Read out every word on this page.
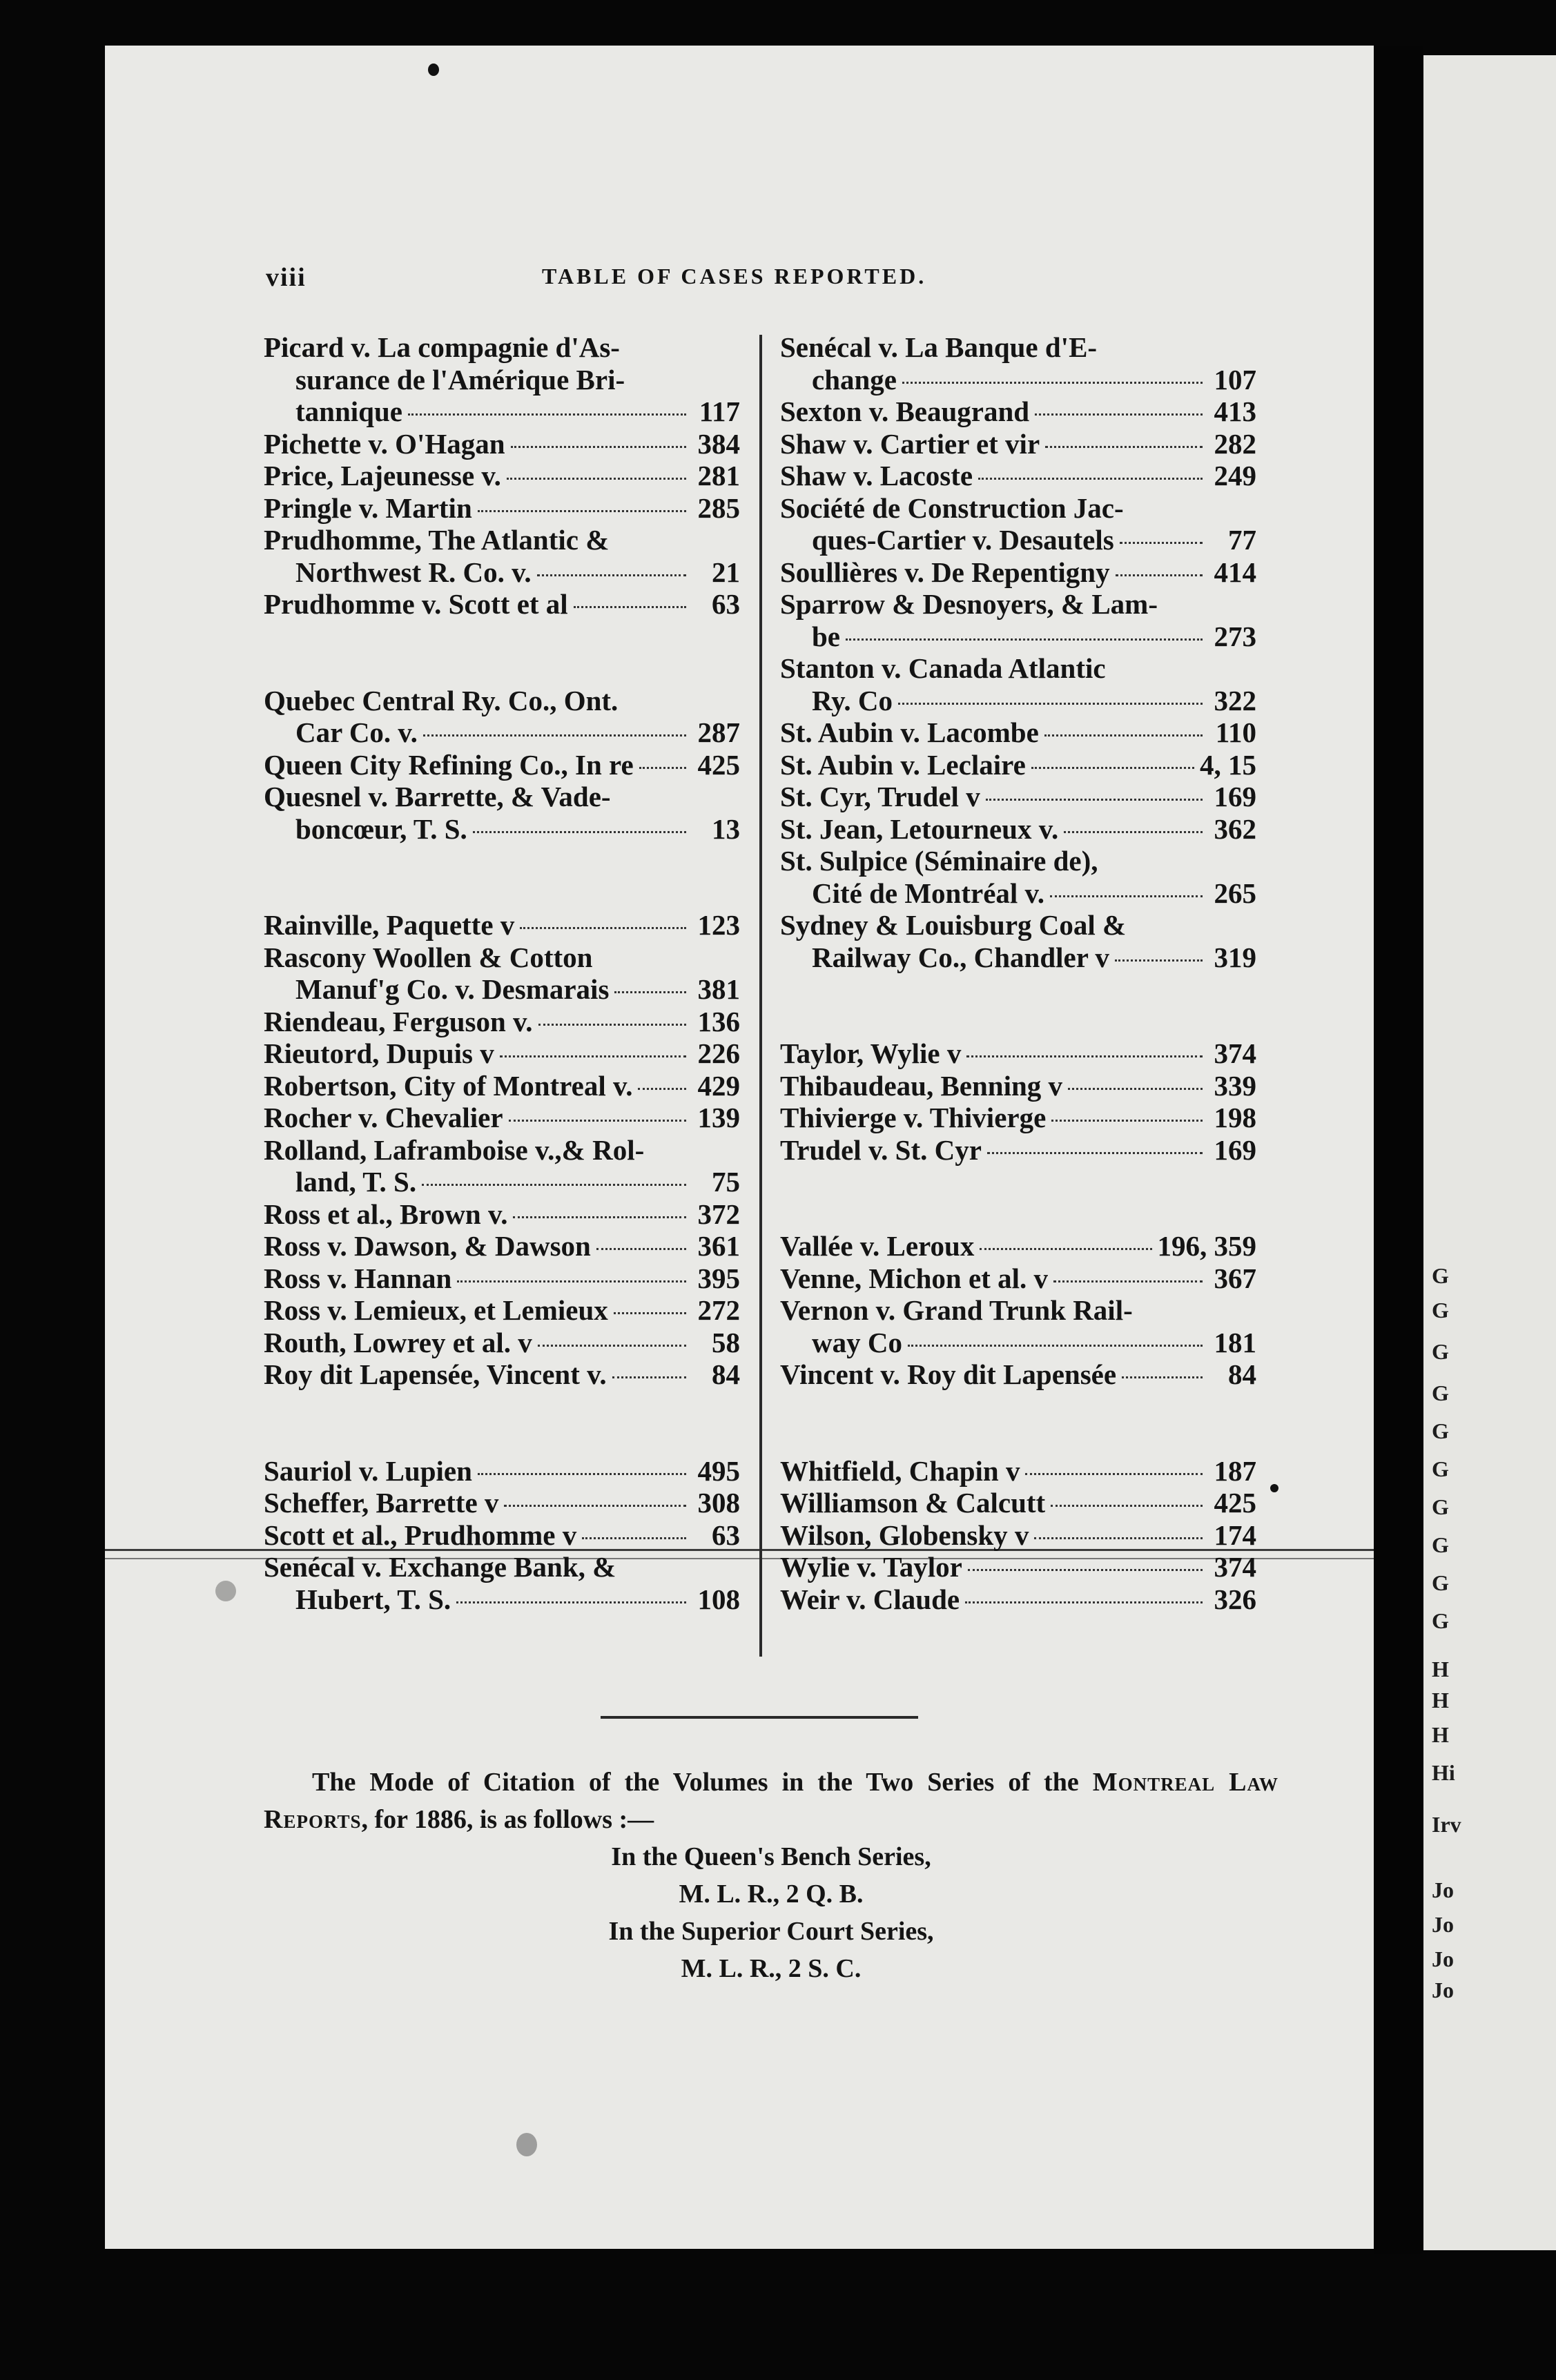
G
G
G
G
G
G
G
G
G
G
H
H
H
Hi
Irv
Jo
Jo
Jo
Jo
viii	TABLE OF CASES REPORTED.
Picard v. La compagnie d'As-
surance de l'Amérique Bri-
tannique	117
Pichette v. O'Hagan	384
Price, Lajeunesse v.	281
Pringle v. Martin	285
Prudhomme, The Atlantic &
Northwest R. Co. v.	21
Prudhomme v. Scott et al	63
Quebec Central Ry. Co., Ont.
Car Co. v.	287
Queen City Refining Co., In re 425
Quesnel v. Barrette, & Vade-
boncœur, T. S.	13
Rainville, Paquette v	123
Rascony Woollen & Cotton
Manuf'g Co. v. Desmarais	381
Riendeau, Ferguson v.	136
Rieutord, Dupuis v	226
Robertson, City of Montreal v. 429
Rocher v. Chevalier	139
Rolland, Laframboise v.,& Rol-
land, T. S.	75
Ross et al., Brown v.	372
Ross v. Dawson, & Dawson	361
Ross v. Hannan	395
Ross v. Lemieux, et Lemieux	272
Routh, Lowrey et al. v	58
Roy dit Lapensée, Vincent v.	84
Sauriol v. Lupien	495
Scheffer, Barrette v	308
Scott et al., Prudhomme v	63
Senécal v. Exchange Bank, &
Hubert, T. S.	108
Senécal v. La Banque d'E-
change	107
Sexton v. Beaugrand	413
Shaw v. Cartier et vir	282
Shaw v. Lacoste	249
Société de Construction Jac-
ques-Cartier v. Desautels	77
Soullières v. De Repentigny	414
Sparrow & Desnoyers, & Lam-
be	273
Stanton v. Canada Atlantic
Ry. Co	322
St. Aubin v. Lacombe	110
St. Aubin v. Leclaire	4, 15
St. Cyr, Trudel v	169
St. Jean, Letourneux v.	362
St. Sulpice (Séminaire de),
Cité de Montréal v.	265
Sydney & Louisburg Coal &
Railway Co., Chandler v	319
Taylor, Wylie v	374
Thibaudeau, Benning v	339
Thivierge v. Thivierge	198
Trudel v. St. Cyr	169
Vallée v. Leroux	196, 359
Venne, Michon et al. v	367
Vernon v. Grand Trunk Rail-
way Co	181
Vincent v. Roy dit Lapensée	84
Whitfield, Chapin v	187
Williamson & Calcutt	425
Wilson, Globensky v	174
Wylie v. Taylor	374
Weir v. Claude	326
The Mode of Citation of the Volumes in the Two Series of the Montreal Law Reports, for 1886, is as follows :—
In the Queen's Bench Series,
M. L. R., 2 Q. B.
In the Superior Court Series,
M. L. R., 2 S. C.
